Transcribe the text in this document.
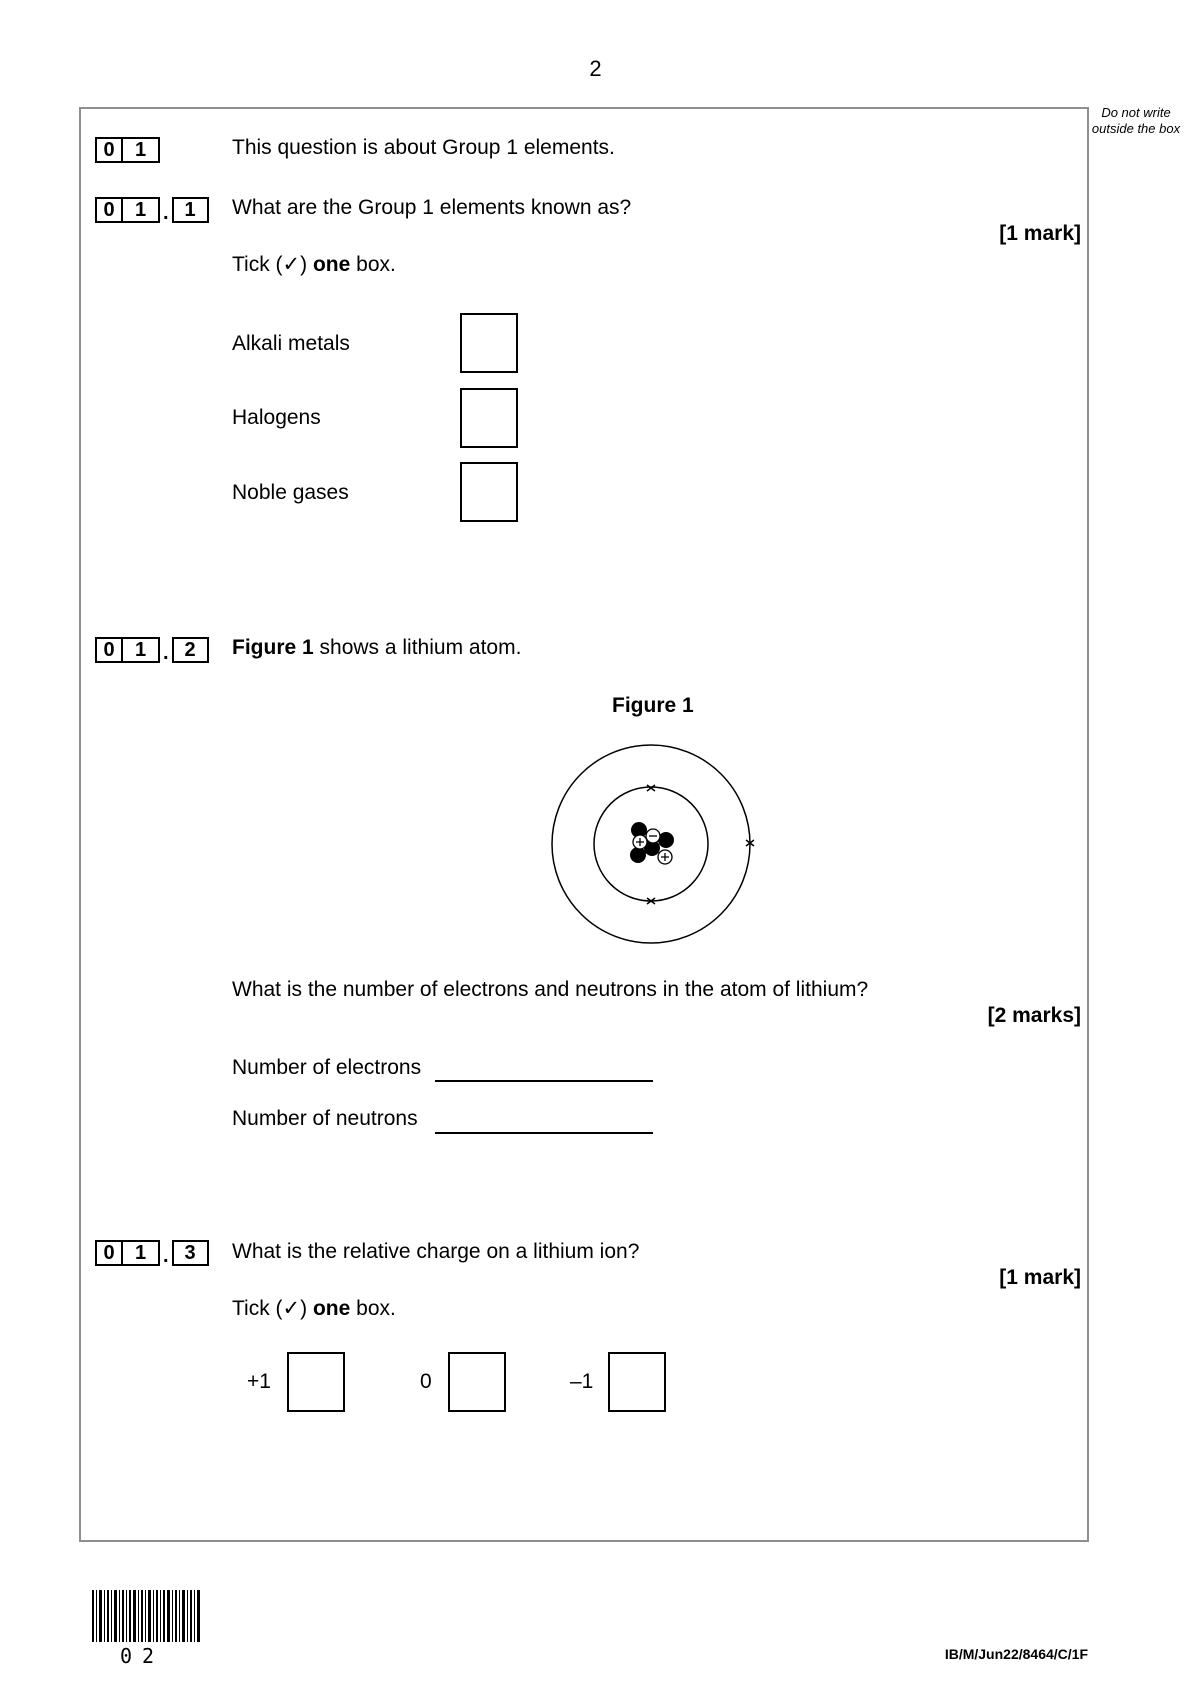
2
Do not write outside the box
0	1	This question is about Group 1 elements.
0	1 . 1	What are the Group 1 elements known as?
[1 mark]
Tick (✓) one box.
Alkali metals
Halogens
Noble gases
0	1 . 2	Figure 1 shows a lithium atom.
Figure 1
What is the number of electrons and neutrons in the atom of lithium?
[2 marks]
Number of electrons
Number of neutrons
0	1 . 3	What is the relative charge on a lithium ion?
[1 mark]
Tick (✓) one box.
+1	0	–1
02	IB/M/Jun22/8464/C/1F
